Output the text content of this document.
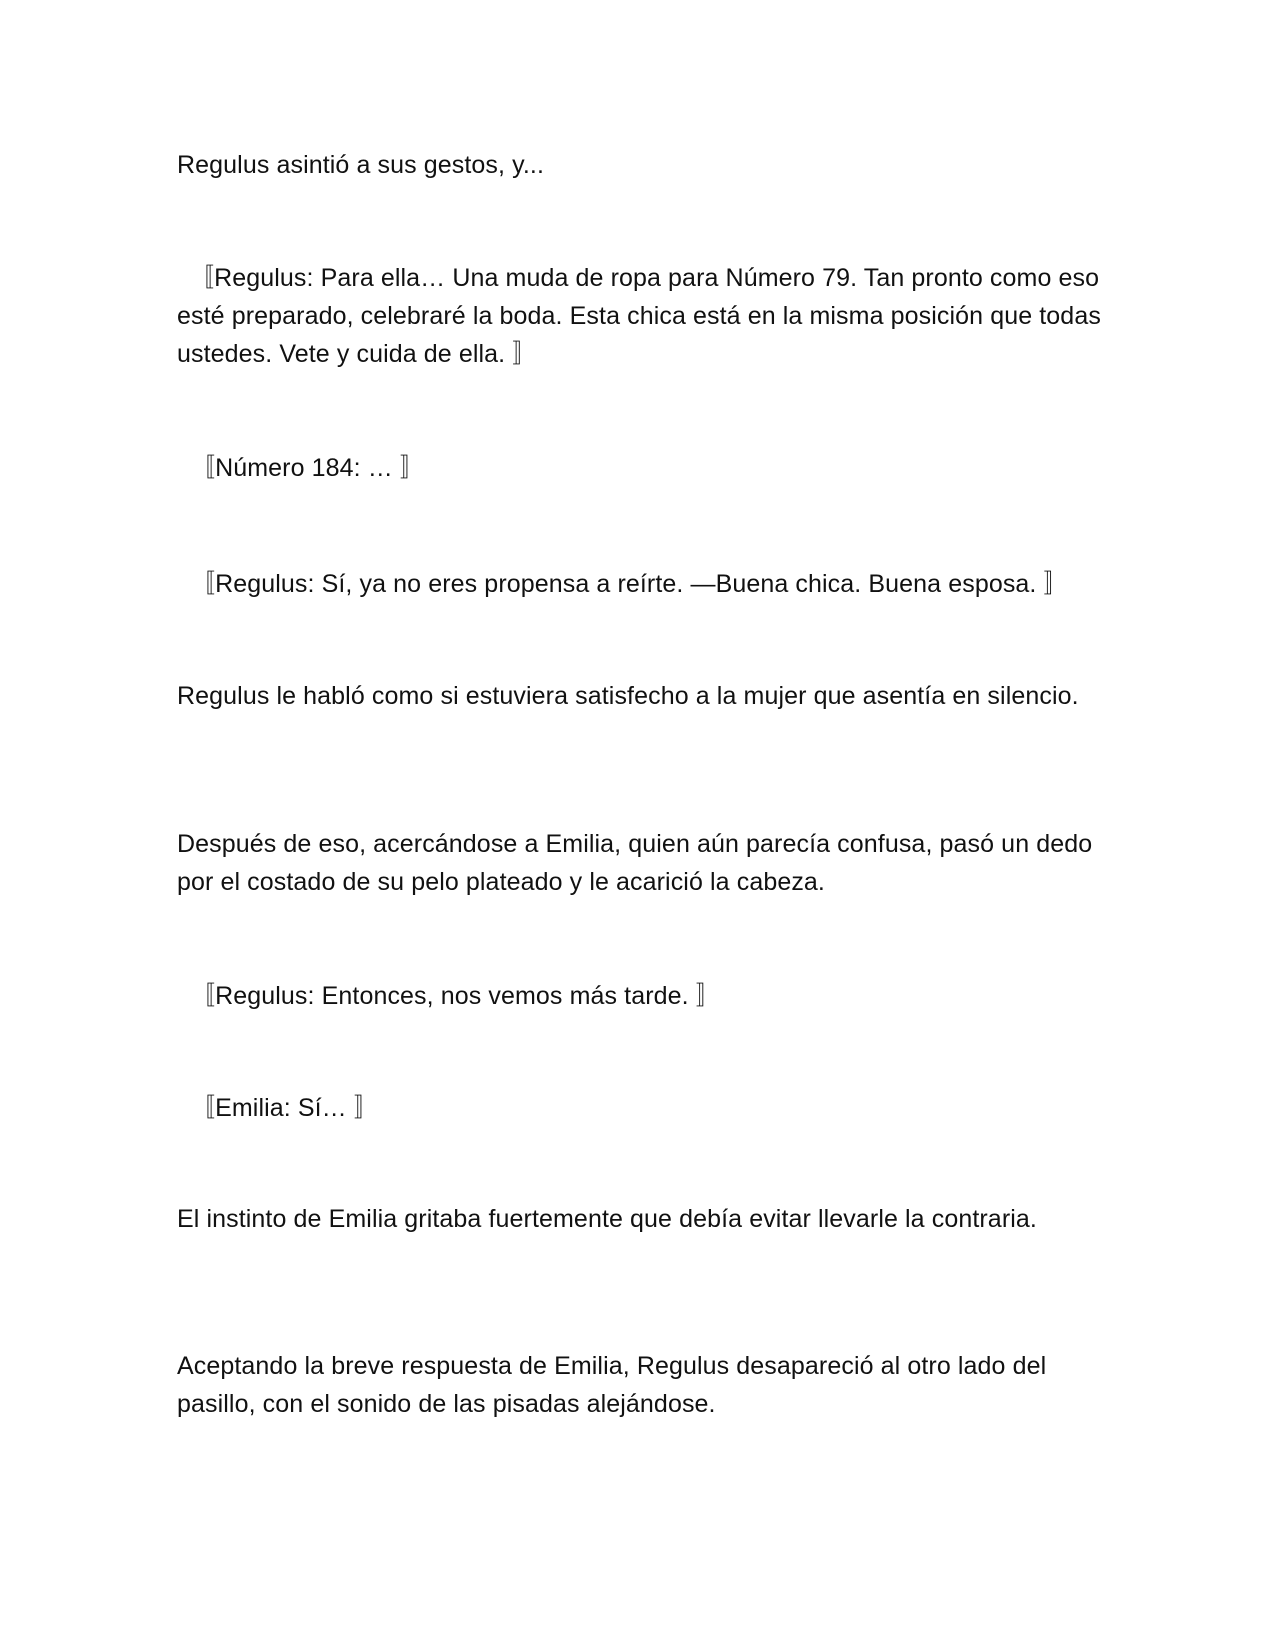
Regulus asintió a sus gestos, y...

〚Regulus: Para ella… Una muda de ropa para Número 79. Tan pronto como eso esté preparado, celebraré la boda. Esta chica está en la misma posición que todas ustedes. Vete y cuida de ella. 〛

〚Número 184: … 〛

〚Regulus: Sí, ya no eres propensa a reírte. —Buena chica. Buena esposa. 〛

Regulus le habló como si estuviera satisfecho a la mujer que asentía en silencio.

Después de eso, acercándose a Emilia, quien aún parecía confusa, pasó un dedo por el costado de su pelo plateado y le acarició la cabeza.

〚Regulus: Entonces, nos vemos más tarde. 〛

〚Emilia: Sí… 〛

El instinto de Emilia gritaba fuertemente que debía evitar llevarle la contraria.

Aceptando la breve respuesta de Emilia, Regulus desapareció al otro lado del pasillo, con el sonido de las pisadas alejándose.
